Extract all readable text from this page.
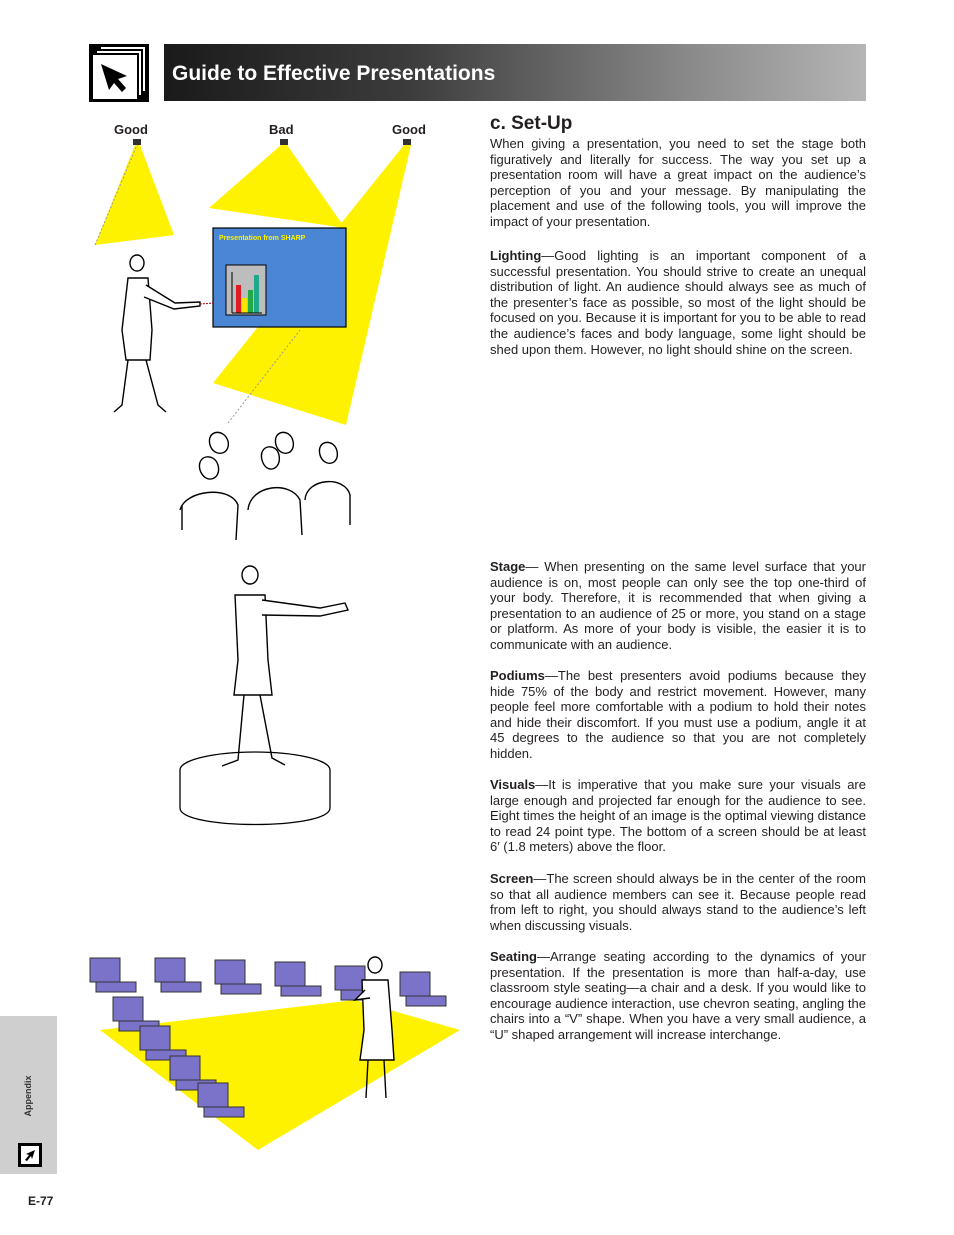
Guide to Effective Presentations
Good	Bad	Good
Presentation from SHARP
c. Set-Up

When giving a presentation, you need to set the stage both figuratively and literally for success. The way you set up a presentation room will have a great impact on the audience’s perception of you and your message. By manipulating the placement and use of the following tools, you will improve the impact of your presentation.

Lighting—Good lighting is an important component of a successful presentation. You should strive to create an unequal distribution of light. An audience should always see as much of the presenter’s face as possible, so most of the light should be focused on you. Because it is important for you to be able to read the audience’s faces and body language, some light should be shed upon them. However, no light should shine on the screen.

Stage— When presenting on the same level surface that your audience is on, most people can only see the top one-third of your body. Therefore, it is recommended that when giving a presentation to an audience of 25 or more, you stand on a stage or platform. As more of your body is visible, the easier it is to communicate with an audience.

Podiums—The best presenters avoid podiums because they hide 75% of the body and restrict movement. However, many people feel more comfortable with a podium to hold their notes and hide their discomfort. If you must use a podium, angle it at 45 degrees to the audience so that you are not completely hidden.

Visuals—It is imperative that you make sure your visuals are large enough and projected far enough for the audience to see. Eight times the height of an image is the optimal viewing distance to read 24 point type. The bottom of a screen should be at least 6′ (1.8 meters) above the floor.

Screen—The screen should always be in the center of the room so that all audience members can see it. Because people read from left to right, you should always stand to the audience’s left when discussing visuals.

Seating—Arrange seating according to the dynamics of your presentation. If the presentation is more than half-a-day, use classroom style seating—a chair and a desk. If you would like to encourage audience interaction, use chevron seating, angling the chairs into a “V” shape. When you have a very small audience, a “U” shaped arrangement will increase interchange.

Appendix
E-77
